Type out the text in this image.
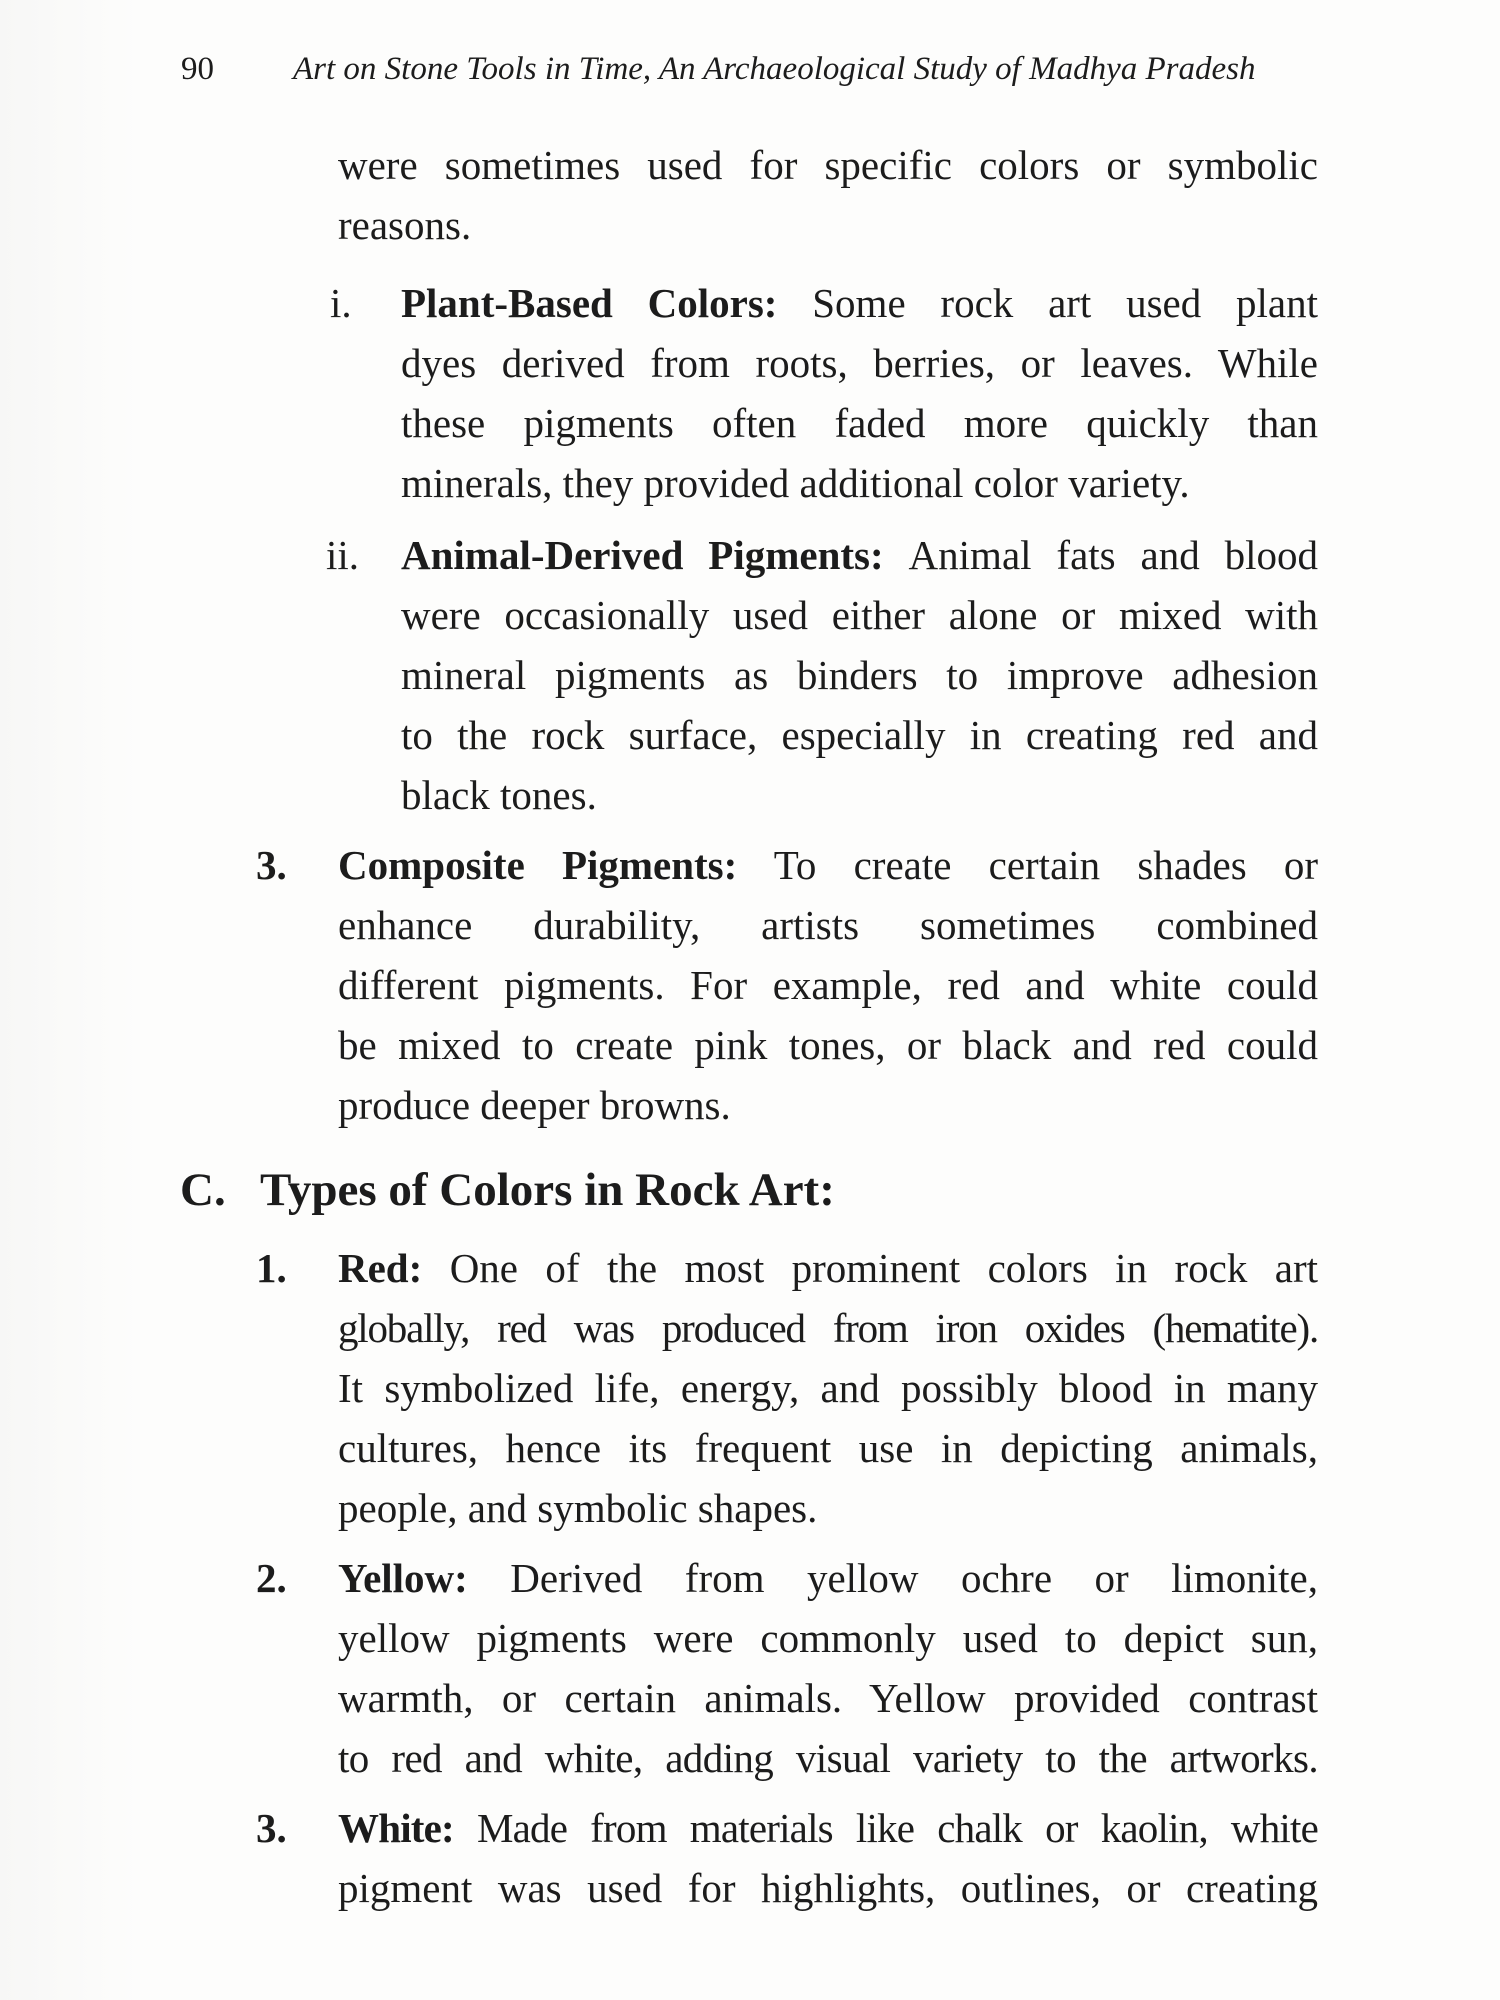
90 Art on Stone Tools in Time, An Archaeological Study of Madhya Pradesh
were sometimes used for specific colors or symbolic
reasons.
i. Plant-Based Colors: Some rock art used plant
dyes derived from roots, berries, or leaves. While
these pigments often faded more quickly than
minerals, they provided additional color variety.
ii. Animal-Derived Pigments: Animal fats and blood
were occasionally used either alone or mixed with
mineral pigments as binders to improve adhesion
to the rock surface, especially in creating red and
black tones.
3. Composite Pigments: To create certain shades or
enhance durability, artists sometimes combined
different pigments. For example, red and white could
be mixed to create pink tones, or black and red could
produce deeper browns.
C. Types of Colors in Rock Art:
1. Red: One of the most prominent colors in rock art
globally, red was produced from iron oxides (hematite).
It symbolized life, energy, and possibly blood in many
cultures, hence its frequent use in depicting animals,
people, and symbolic shapes.
2. Yellow: Derived from yellow ochre or limonite,
yellow pigments were commonly used to depict sun,
warmth, or certain animals. Yellow provided contrast
to red and white, adding visual variety to the artworks.
3. White: Made from materials like chalk or kaolin, white
pigment was used for highlights, outlines, or creating
